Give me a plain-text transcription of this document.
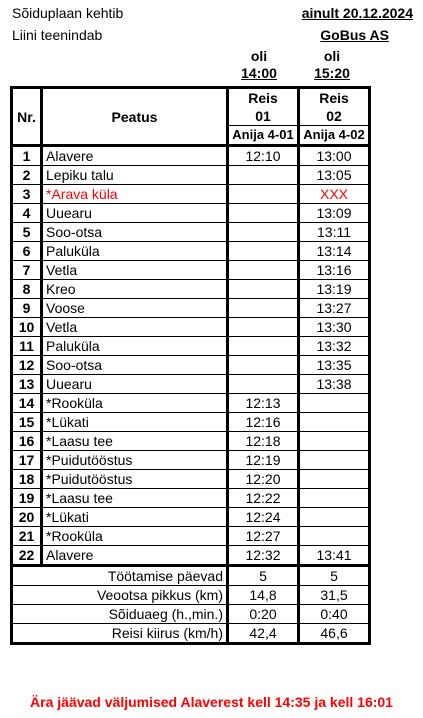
Sõiduplaan kehtib
Liini teenindab
ainult 20.12.2024
GoBus AS
oli
14:00
oli
15:20
Nr.	Peatus	Reis	Reis
		01	02
		Anija 4-01	Anija 4-02
1	Alavere	12:10	13:00
2	Lepiku talu		13:05
3	*Arava küla		XXX
4	Uuearu		13:09
5	Soo-otsa		13:11
6	Paluküla		13:14
7	Vetla		13:16
8	Kreo		13:19
9	Voose		13:27
10	Vetla		13:30
11	Paluküla		13:32
12	Soo-otsa		13:35
13	Uuearu		13:38
14	*Rooküla	12:13	
15	*Lükati	12:16	
16	*Laasu tee	12:18	
17	*Puidutööstus	12:19	
18	*Puidutööstus	12:20	
19	*Laasu tee	12:22	
20	*Lükati	12:24	
21	*Rooküla	12:27	
22	Alavere	12:32	13:41
Töötamise päevad		5	5
Veootsa pikkus (km)		14,8	31,5
Sõiduaeg (h.,min.)		0:20	0:40
Reisi kiirus (km/h)		42,4	46,6
Ära jäävad väljumised Alaverest kell 14:35 ja kell 16:01
